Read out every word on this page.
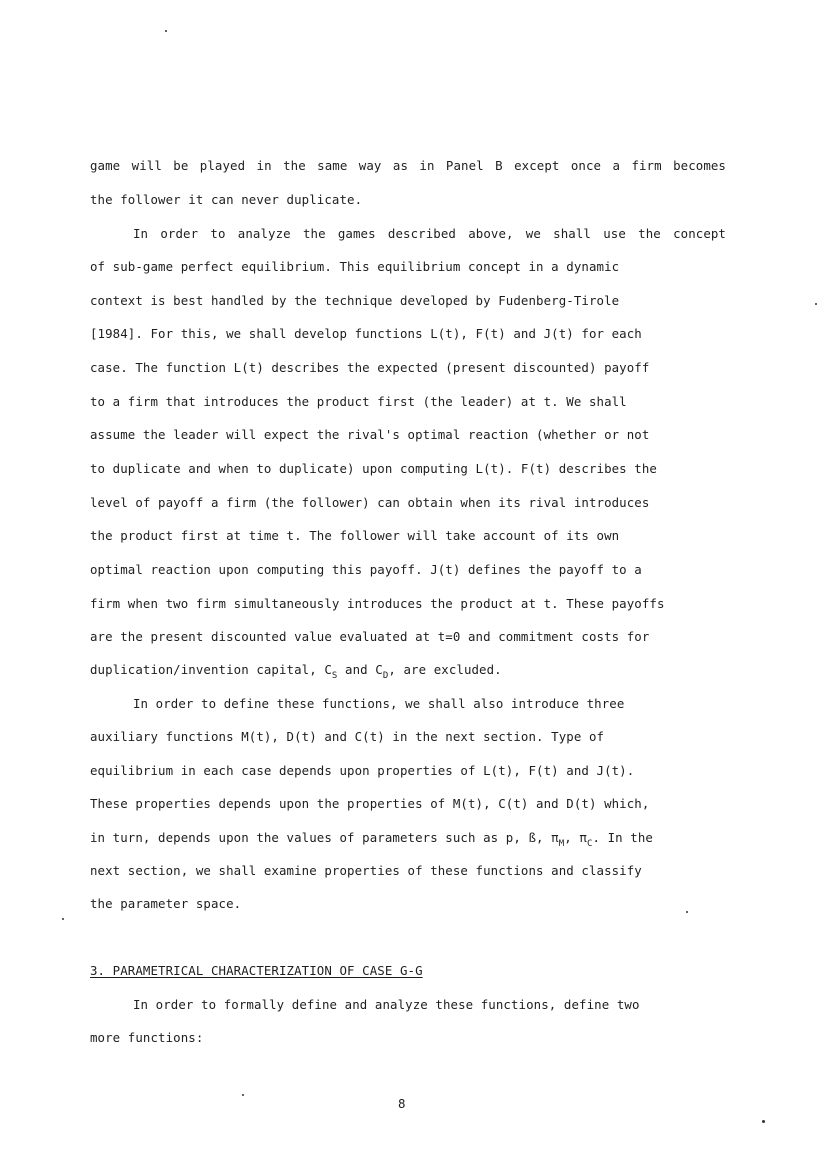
game will be played in the same way as in Panel B except once a firm becomes
the follower it can never duplicate.
In order to analyze the games described above, we shall use the concept
of sub-game perfect equilibrium. This equilibrium concept in a dynamic
context is best handled by the technique developed by Fudenberg-Tirole
[1984]. For this, we shall develop functions L(t), F(t) and J(t) for each
case. The function L(t) describes the expected (present discounted) payoff
to a firm that introduces the product first (the leader) at t. We shall
assume the leader will expect the rival's optimal reaction (whether or not
to duplicate and when to duplicate) upon computing L(t). F(t) describes the
level of payoff a firm (the follower) can obtain when its rival introduces
the product first at time t. The follower will take account of its own
optimal reaction upon computing this payoff. J(t) defines the payoff to a
firm when two firm simultaneously introduces the product at t. These payoffs
are the present discounted value evaluated at t=0 and commitment costs for
duplication/invention capital, $C_S$ and $C_D$, are excluded.
In order to define these functions, we shall also introduce three
auxiliary functions M(t), D(t) and C(t) in the next section. Type of
equilibrium in each case depends upon properties of L(t), F(t) and J(t).
These properties depends upon the properties of M(t), C(t) and D(t) which,
in turn, depends upon the values of parameters such as p, ß, $\pi_M$, $\pi_C$. In the
next section, we shall examine properties of these functions and classify
the parameter space.
3. PARAMETRICAL CHARACTERIZATION OF CASE G-G
In order to formally define and analyze these functions, define two
more functions:
8
